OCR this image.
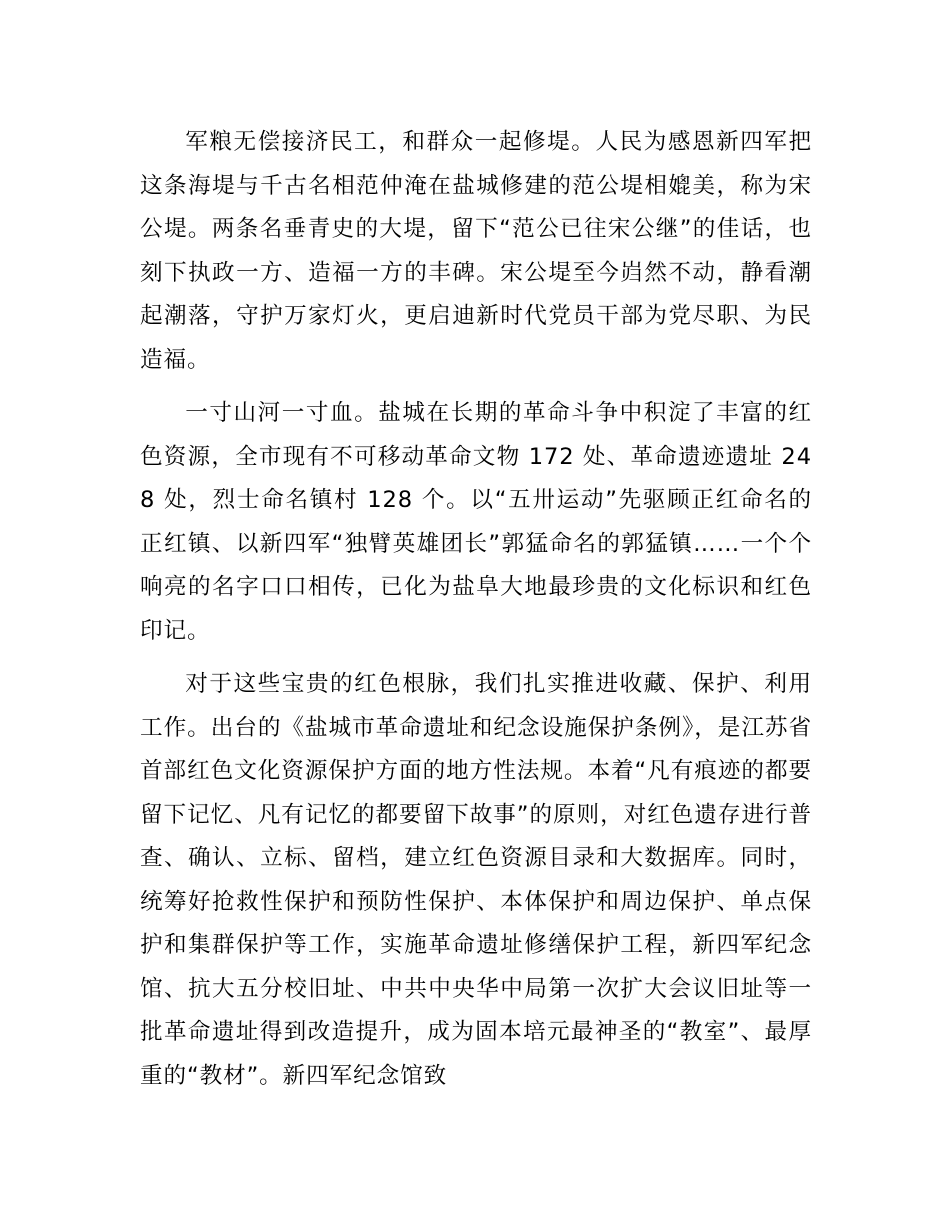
军粮无偿接济民工，和群众一起修堤。人民为感恩新四军把这条海堤与千古名相范仲淹在盐城修建的范公堤相媲美，称为宋公堤。两条名垂青史的大堤，留下“范公已往宋公继”的佳话，也刻下执政一方、造福一方的丰碑。宋公堤至今岿然不动，静看潮起潮落，守护万家灯火，更启迪新时代党员干部为党尽职、为民造福。

一寸山河一寸血。盐城在长期的革命斗争中积淀了丰富的红色资源，全市现有不可移动革命文物 172 处、革命遗迹遗址 248 处，烈士命名镇村 128 个。以“五卅运动”先驱顾正红命名的正红镇、以新四军“独臂英雄团长”郭猛命名的郭猛镇……一个个响亮的名字口口相传，已化为盐阜大地最珍贵的文化标识和红色印记。

对于这些宝贵的红色根脉，我们扎实推进收藏、保护、利用工作。出台的《盐城市革命遗址和纪念设施保护条例》，是江苏省首部红色文化资源保护方面的地方性法规。本着“凡有痕迹的都要留下记忆、凡有记忆的都要留下故事”的原则，对红色遗存进行普查、确认、立标、留档，建立红色资源目录和大数据库。同时，统筹好抢救性保护和预防性保护、本体保护和周边保护、单点保护和集群保护等工作，实施革命遗址修缮保护工程，新四军纪念馆、抗大五分校旧址、中共中央华中局第一次扩大会议旧址等一批革命遗址得到改造提升，成为固本培元最神圣的“教室”、最厚重的“教材”。新四军纪念馆致
